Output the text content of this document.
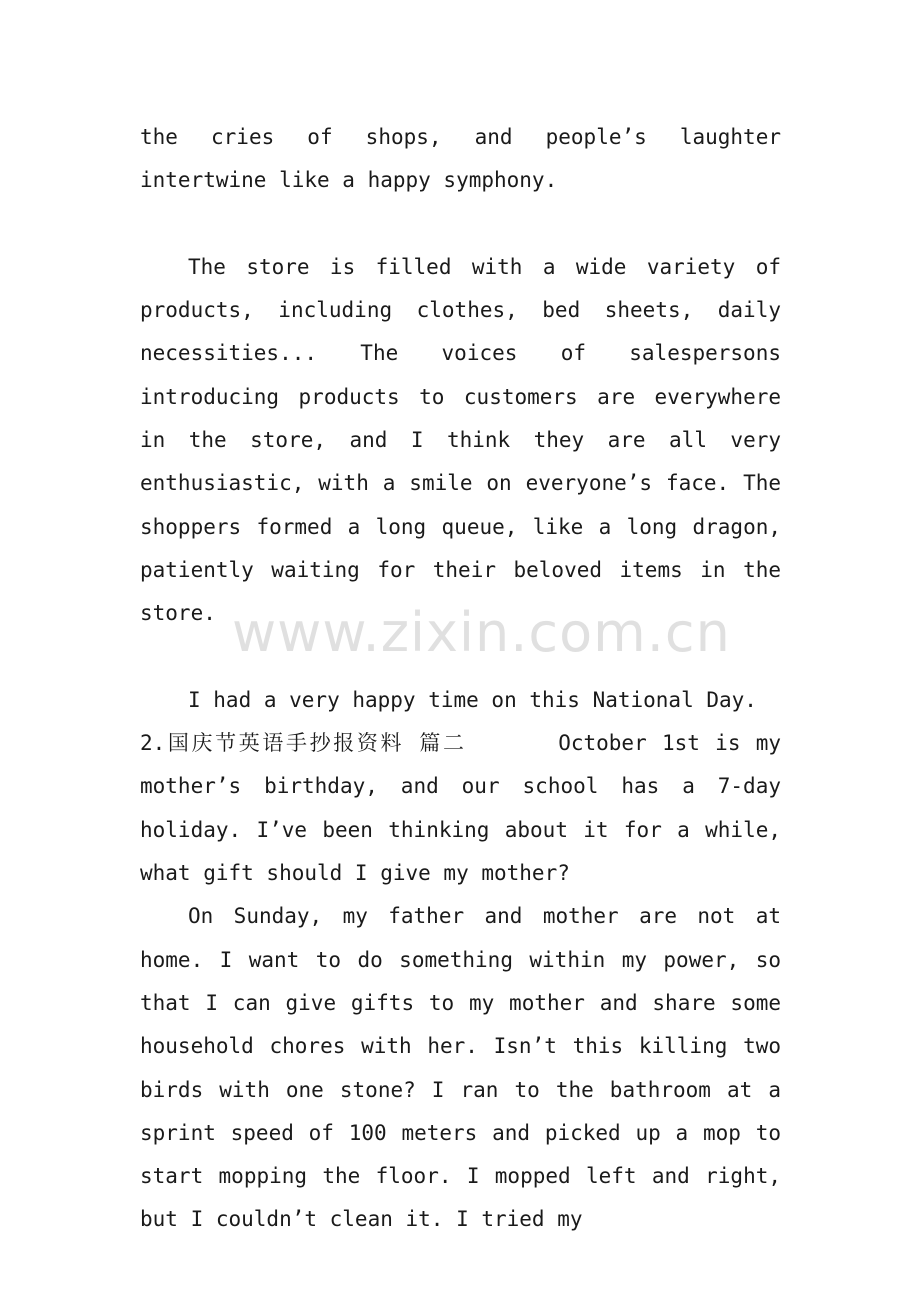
the cries of shops, and people’s laughter intertwine like a happy symphony.

The store is filled with a wide variety of products, including clothes, bed sheets, daily necessities... The voices of salespersons introducing products to customers are everywhere in the store, and I think they are all very enthusiastic, with a smile on everyone’s face. The shoppers formed a long queue, like a long dragon, patiently waiting for their beloved items in the store.

I had a very happy time on this National Day.

2.国庆节英语手抄报资料 篇二	October 1st is my mother’s birthday, and our school has a 7-day holiday. I’ve been thinking about it for a while, what gift should I give my mother?

On Sunday, my father and mother are not at home. I want to do something within my power, so that I can give gifts to my mother and share some household chores with her. Isn’t this killing two birds with one stone? I ran to the bathroom at a sprint speed of 100 meters and picked up a mop to start mopping the floor. I mopped left and right, but I couldn’t clean it. I tried my

www.zixin.com.cn
